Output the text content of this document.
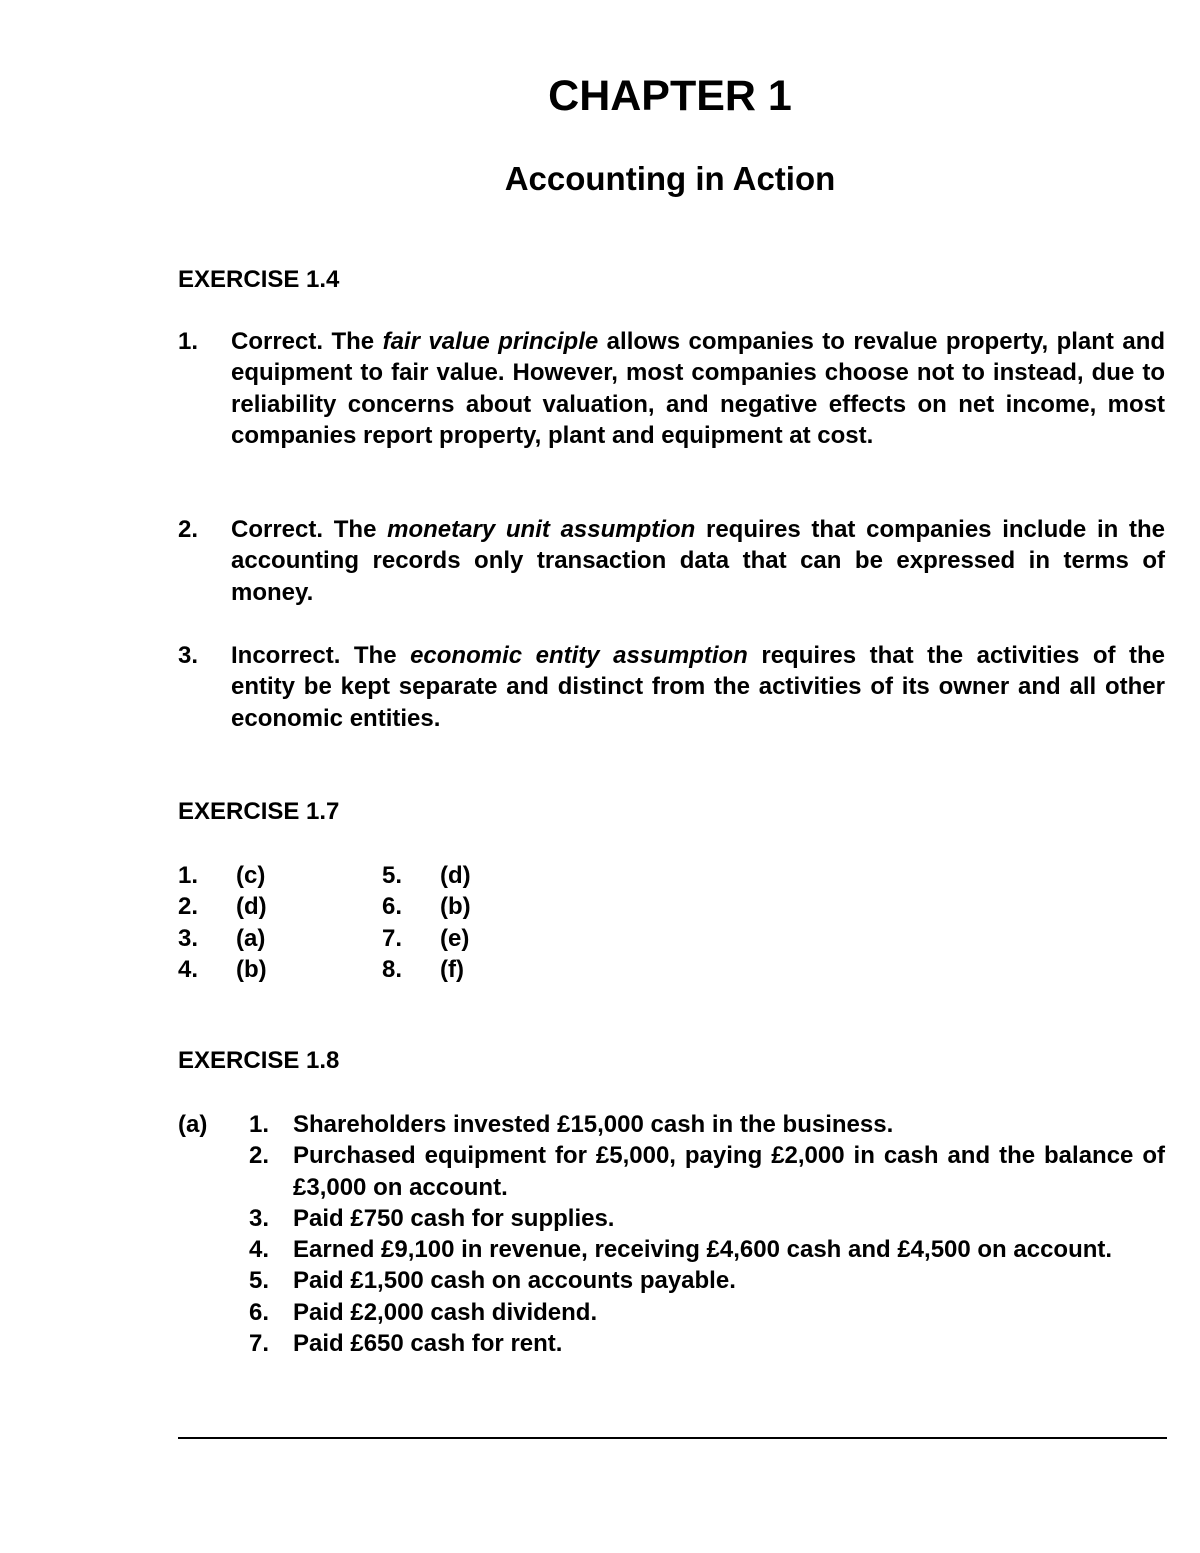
CHAPTER 1
Accounting in Action
EXERCISE 1.4
1. Correct. The fair value principle allows companies to revalue property, plant and equipment to fair value. However, most companies choose not to instead, due to reliability concerns about valuation, and negative effects on net income, most companies report property, plant and equipment at cost.
2. Correct. The monetary unit assumption requires that companies include in the accounting records only transaction data that can be expressed in terms of money.
3. Incorrect. The economic entity assumption requires that the activities of the entity be kept separate and distinct from the activities of its owner and all other economic entities.
EXERCISE 1.7
1. (c)	5. (d)
2. (d)	6. (b)
3. (a)	7. (e)
4. (b)	8. (f)
EXERCISE 1.8
(a) 1. Shareholders invested £15,000 cash in the business.
2. Purchased equipment for £5,000, paying £2,000 in cash and the balance of £3,000 on account.
3. Paid £750 cash for supplies.
4. Earned £9,100 in revenue, receiving £4,600 cash and £4,500 on account.
5. Paid £1,500 cash on accounts payable.
6. Paid £2,000 cash dividend.
7. Paid £650 cash for rent.
